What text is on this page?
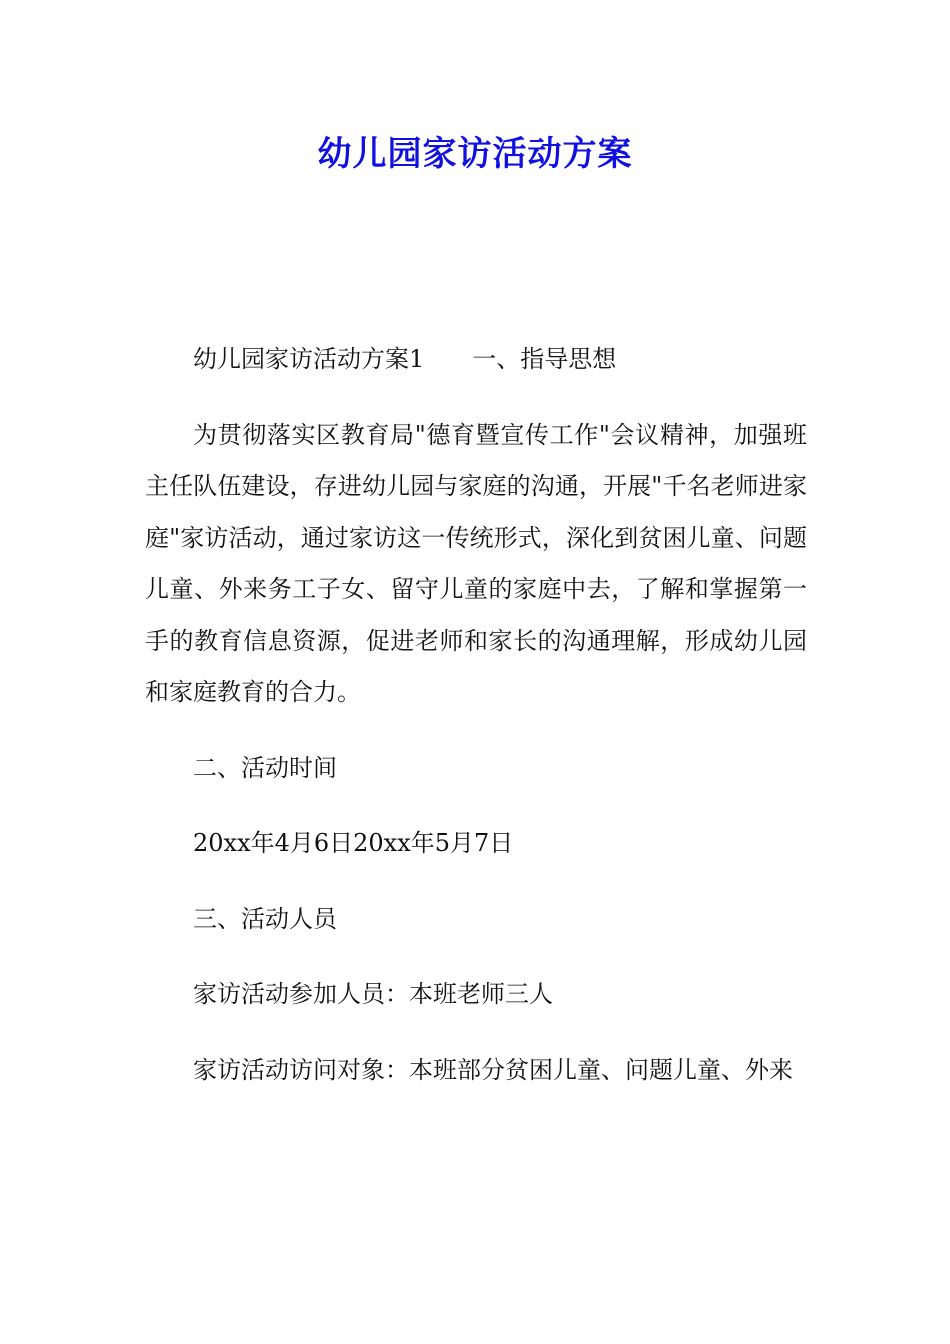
幼儿园家访活动方案

幼儿园家访活动方案1 一、指导思想

为贯彻落实区教育局"德育暨宣传工作"会议精神，加强班主任队伍建设，存进幼儿园与家庭的沟通，开展"千名老师进家庭"家访活动，通过家访这一传统形式，深化到贫困儿童、问题儿童、外来务工子女、留守儿童的家庭中去，了解和掌握第一手的教育信息资源，促进老师和家长的沟通理解，形成幼儿园和家庭教育的合力。

二、活动时间

20xx年4月6日20xx年5月7日

三、活动人员

家访活动参加人员：本班老师三人

家访活动访问对象：本班部分贫困儿童、问题儿童、外来
